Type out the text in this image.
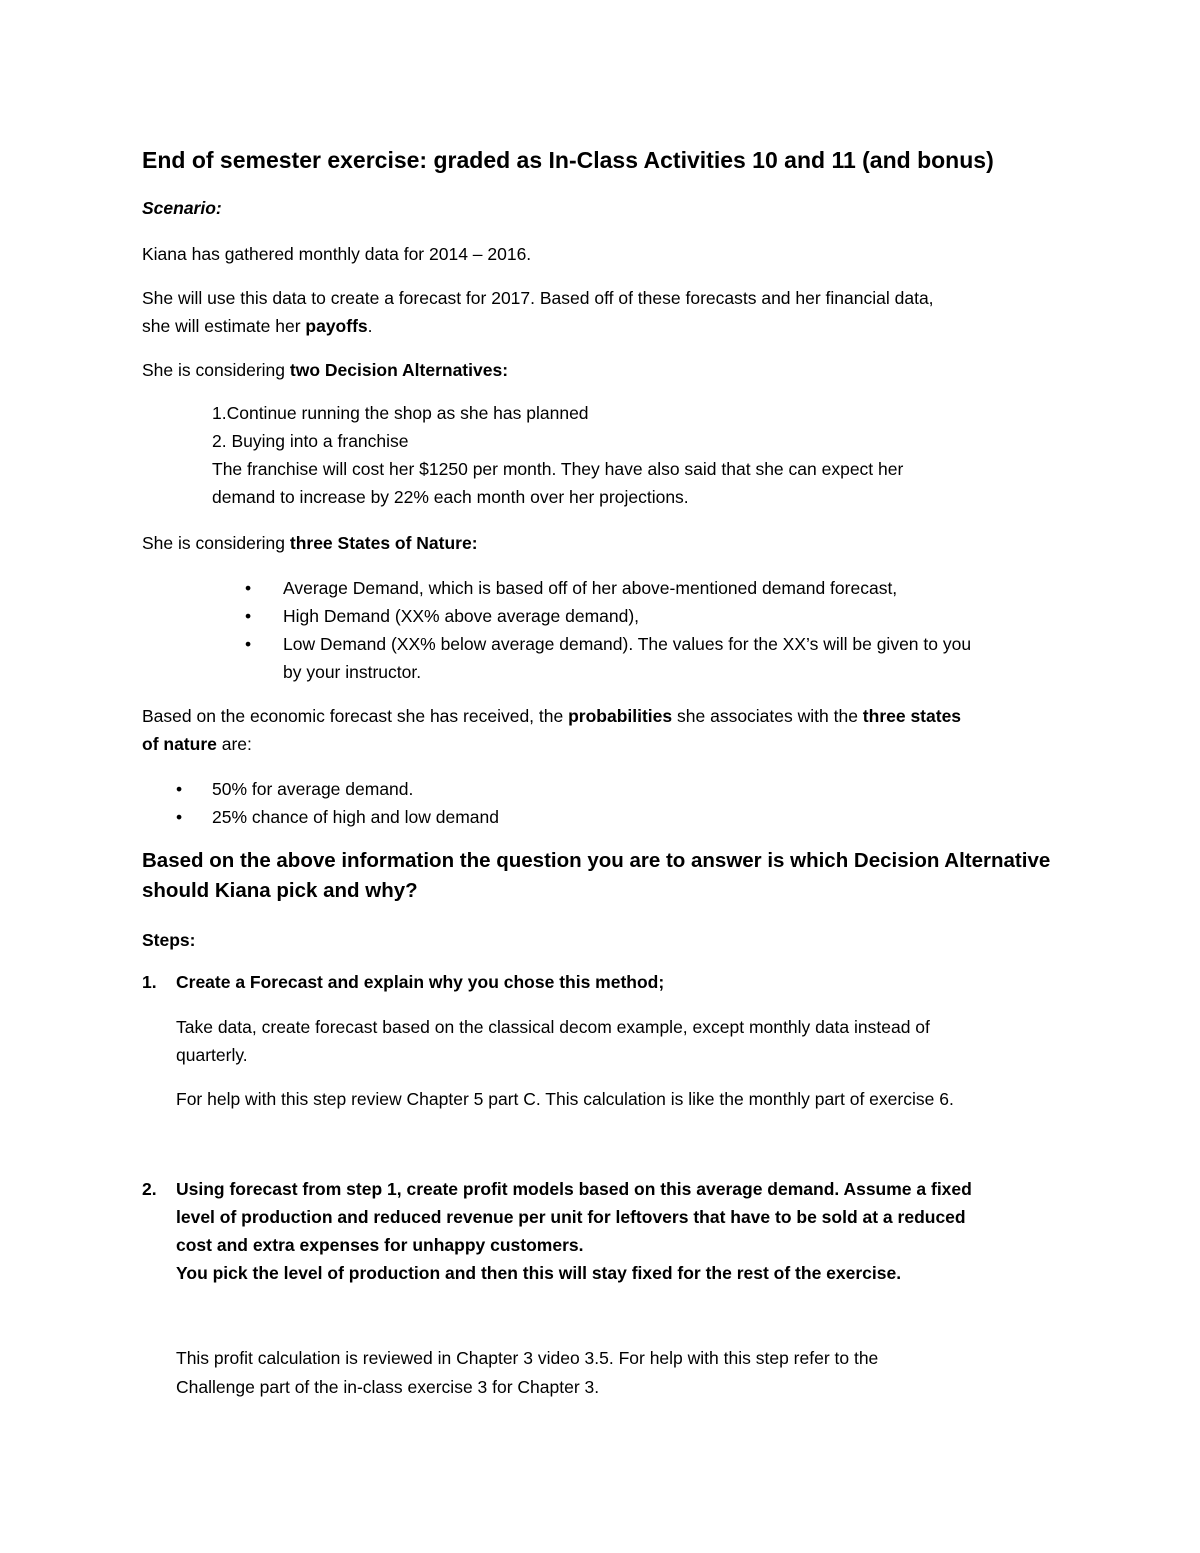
End of semester exercise: graded as In-Class Activities 10 and 11 (and bonus)
Scenario:
Kiana has gathered monthly data for 2014 – 2016.
She will use this data to create a forecast for 2017. Based off of these forecasts and her financial data,
she will estimate her payoffs.
She is considering two Decision Alternatives:
1.Continue running the shop as she has planned
2. Buying into a franchise
The franchise will cost her $1250 per month. They have also said that she can expect her
demand to increase by 22% each month over her projections.
She is considering three States of Nature:
• Average Demand, which is based off of her above-mentioned demand forecast,
• High Demand (XX% above average demand),
• Low Demand (XX% below average demand). The values for the XX’s will be given to you
by your instructor.
Based on the economic forecast she has received, the probabilities she associates with the three states
of nature are:
• 50% for average demand.
• 25% chance of high and low demand
Based on the above information the question you are to answer is which Decision Alternative
should Kiana pick and why?
Steps:
1. Create a Forecast and explain why you chose this method;
Take data, create forecast based on the classical decom example, except monthly data instead of
quarterly.
For help with this step review Chapter 5 part C. This calculation is like the monthly part of exercise 6.
2. Using forecast from step 1, create profit models based on this average demand. Assume a fixed
level of production and reduced revenue per unit for leftovers that have to be sold at a reduced
cost and extra expenses for unhappy customers.
You pick the level of production and then this will stay fixed for the rest of the exercise.
This profit calculation is reviewed in Chapter 3 video 3.5. For help with this step refer to the
Challenge part of the in-class exercise 3 for Chapter 3.
